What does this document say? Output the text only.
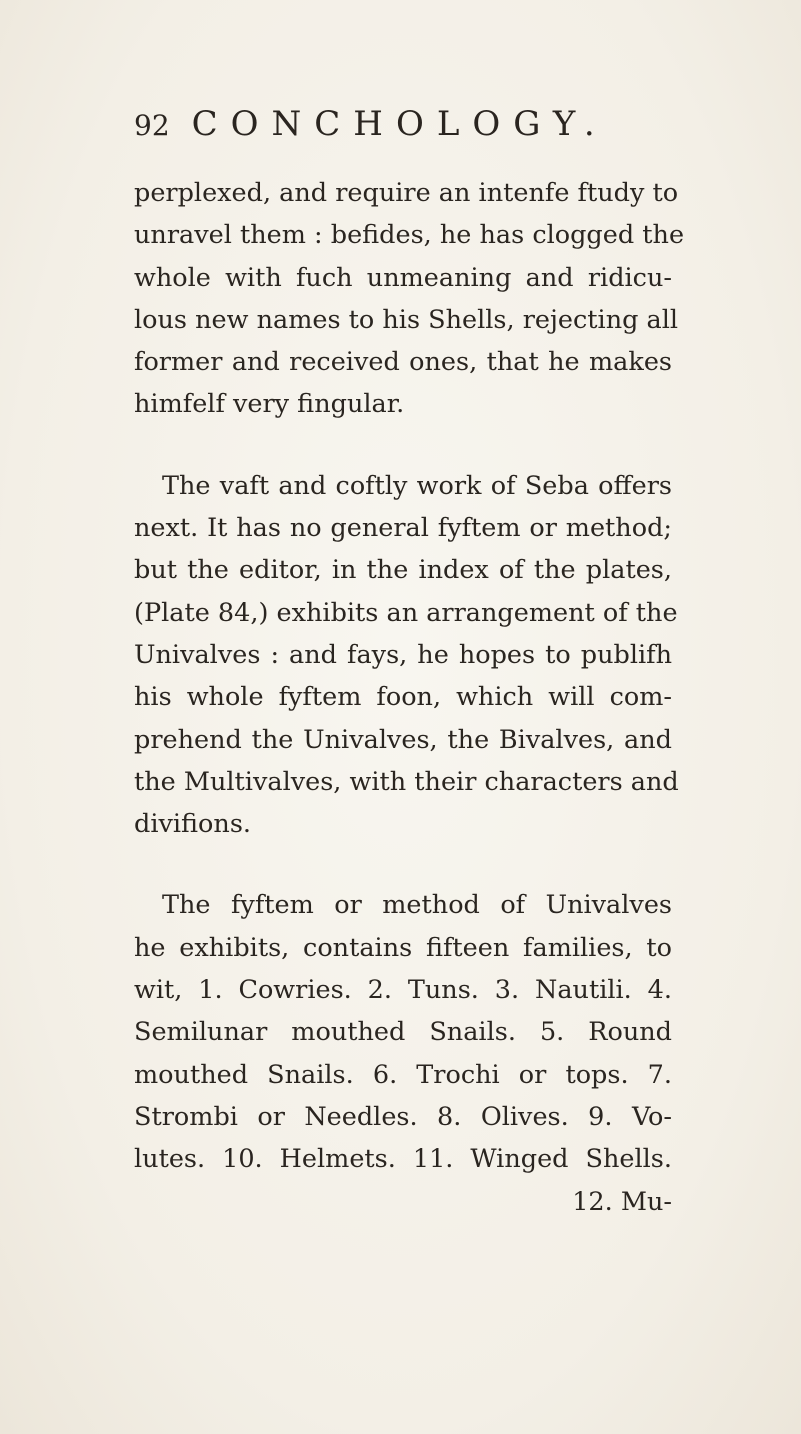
92 CONCHOLOGY.
perplexed, and require an intenfe ftudy to
unravel them : befides, he has clogged the
whole with fuch unmeaning and ridicu-
lous new names to his Shells, rejecting all
former and received ones, that he makes
himfelf very fingular.
The vaft and coftly work of Seba offers
next. It has no general fyftem or method;
but the editor, in the index of the plates,
(Plate 84,) exhibits an arrangement of the
Univalves : and fays, he hopes to publifh
his whole fyftem foon, which will com-
prehend the Univalves, the Bivalves, and
the Multivalves, with their characters and
divifions.
The fyftem or method of Univalves
he exhibits, contains fifteen families, to
wit, 1. Cowries. 2. Tuns. 3. Nautili. 4.
Semilunar mouthed Snails. 5. Round
mouthed Snails. 6. Trochi or tops. 7.
Strombi or Needles. 8. Olives. 9. Vo-
lutes. 10. Helmets. 11. Winged Shells.
12. Mu-
